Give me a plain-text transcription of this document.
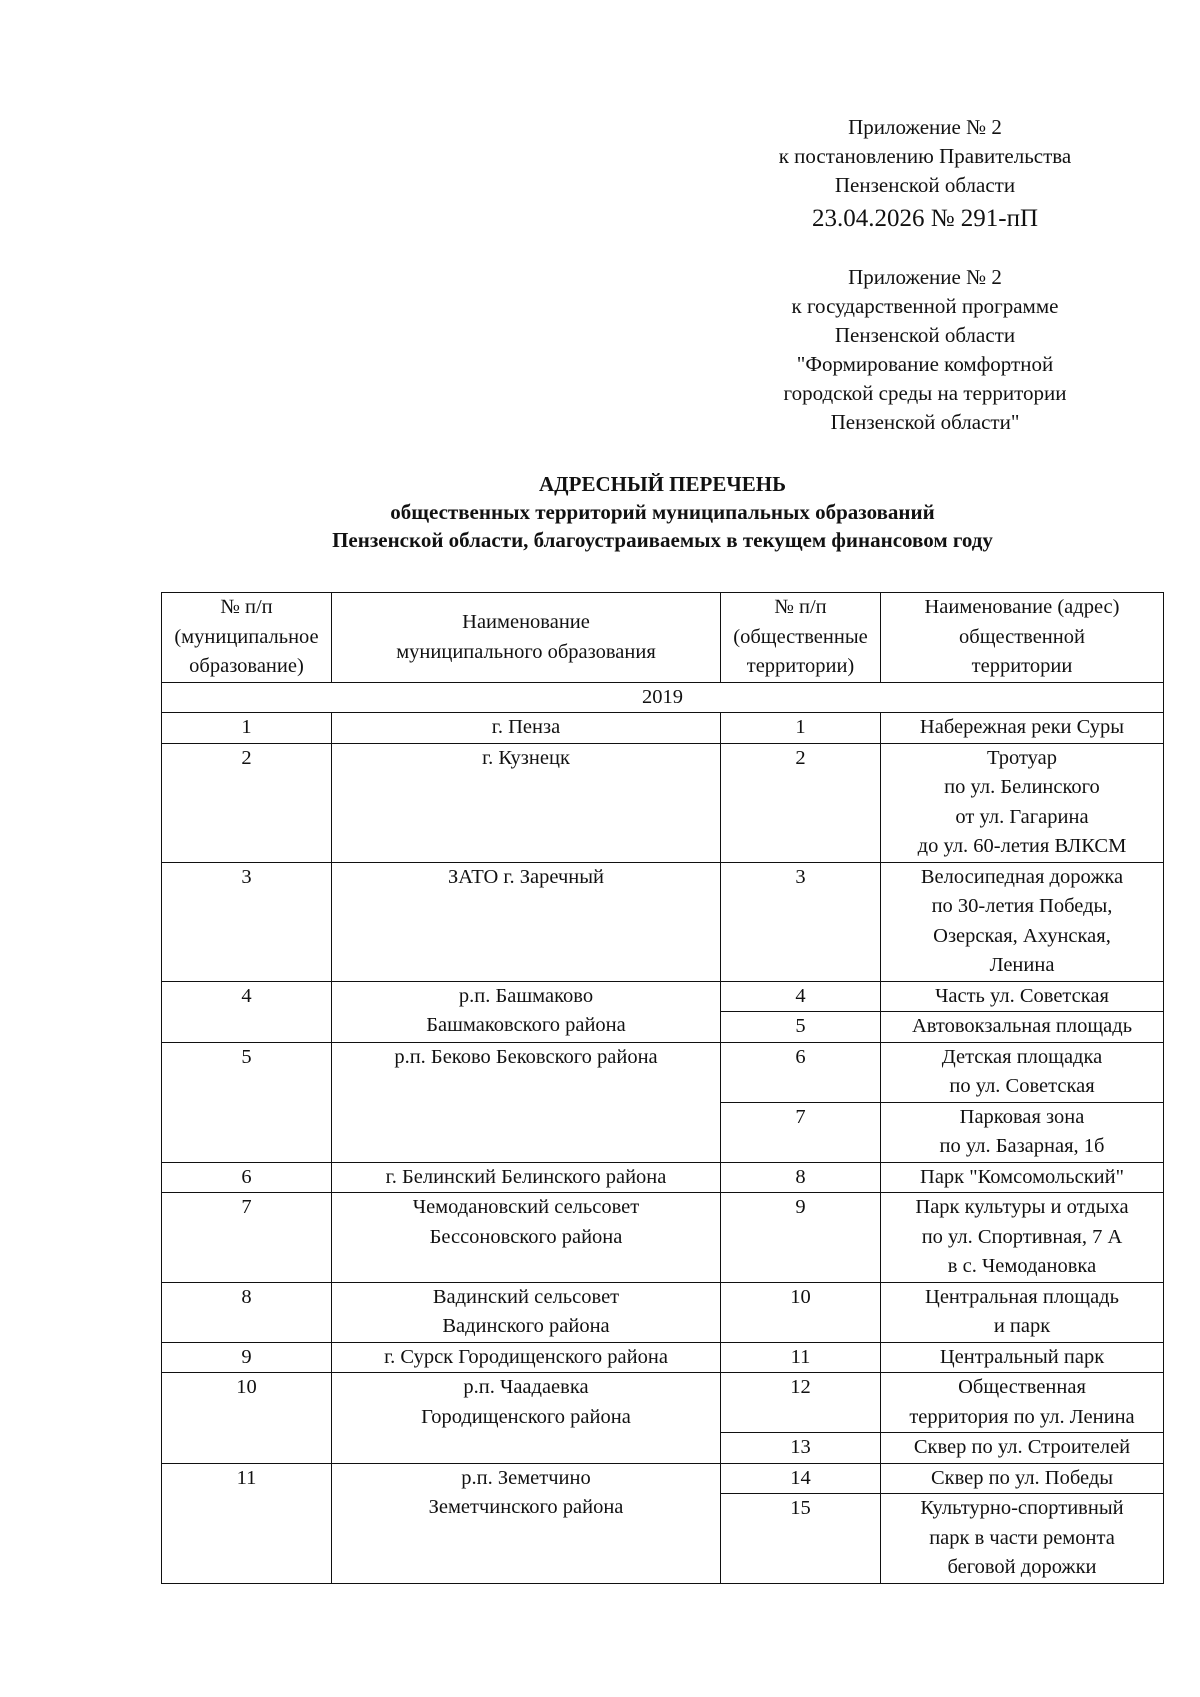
Приложение № 2
к постановлению Правительства
Пензенской области
23.04.2026 № 291-пП
Приложение № 2
к государственной программе
Пензенской области
"Формирование комфортной
городской среды на территории
Пензенской области"
АДРЕСНЫЙ ПЕРЕЧЕНЬ
общественных территорий муниципальных образований
Пензенской области, благоустраиваемых в текущем финансовом году
№ п/п
(муниципальное
образование)	Наименование
муниципального образования	№ п/п
(общественные
территории)	Наименование (адрес)
общественной
территории

2019			
1	г. Пенза	1	Набережная реки Суры

2	г. Кузнецк	2	Тротуар
по ул. Белинского
от ул. Гагарина
до ул. 60-летия ВЛКСМ

3	ЗАТО г. Заречный	3	Велосипедная дорожка
по 30-летия Победы,
Озерская, Ахунская,
Ленина

4	р.п. Башмаково
Башмаковского района	4	Часть ул. Советская

		5	Автовокзальная площадь

5	р.п. Беково Бековского района	6	Детская площадка
по ул. Советская

		7	Парковая зона
по ул. Базарная, 1б

6	г. Белинский Белинского района	8	Парк "Комсомольский"

7	Чемодановский сельсовет
Бессоновского района	9	Парк культуры и отдыха
по ул. Спортивная, 7 А
в с. Чемодановка

8	Вадинский сельсовет
Вадинского района	10	Центральная площадь
и парк

9	г. Сурск Городищенского района	11	Центральный парк

10	р.п. Чаадаевка
Городищенского района	12	Общественная
территория по ул. Ленина

		13	Сквер по ул. Строителей

11	р.п. Земетчино
Земетчинского района	14	Сквер по ул. Победы

		15	Культурно-спортивный
парк в части ремонта
беговой дорожки
